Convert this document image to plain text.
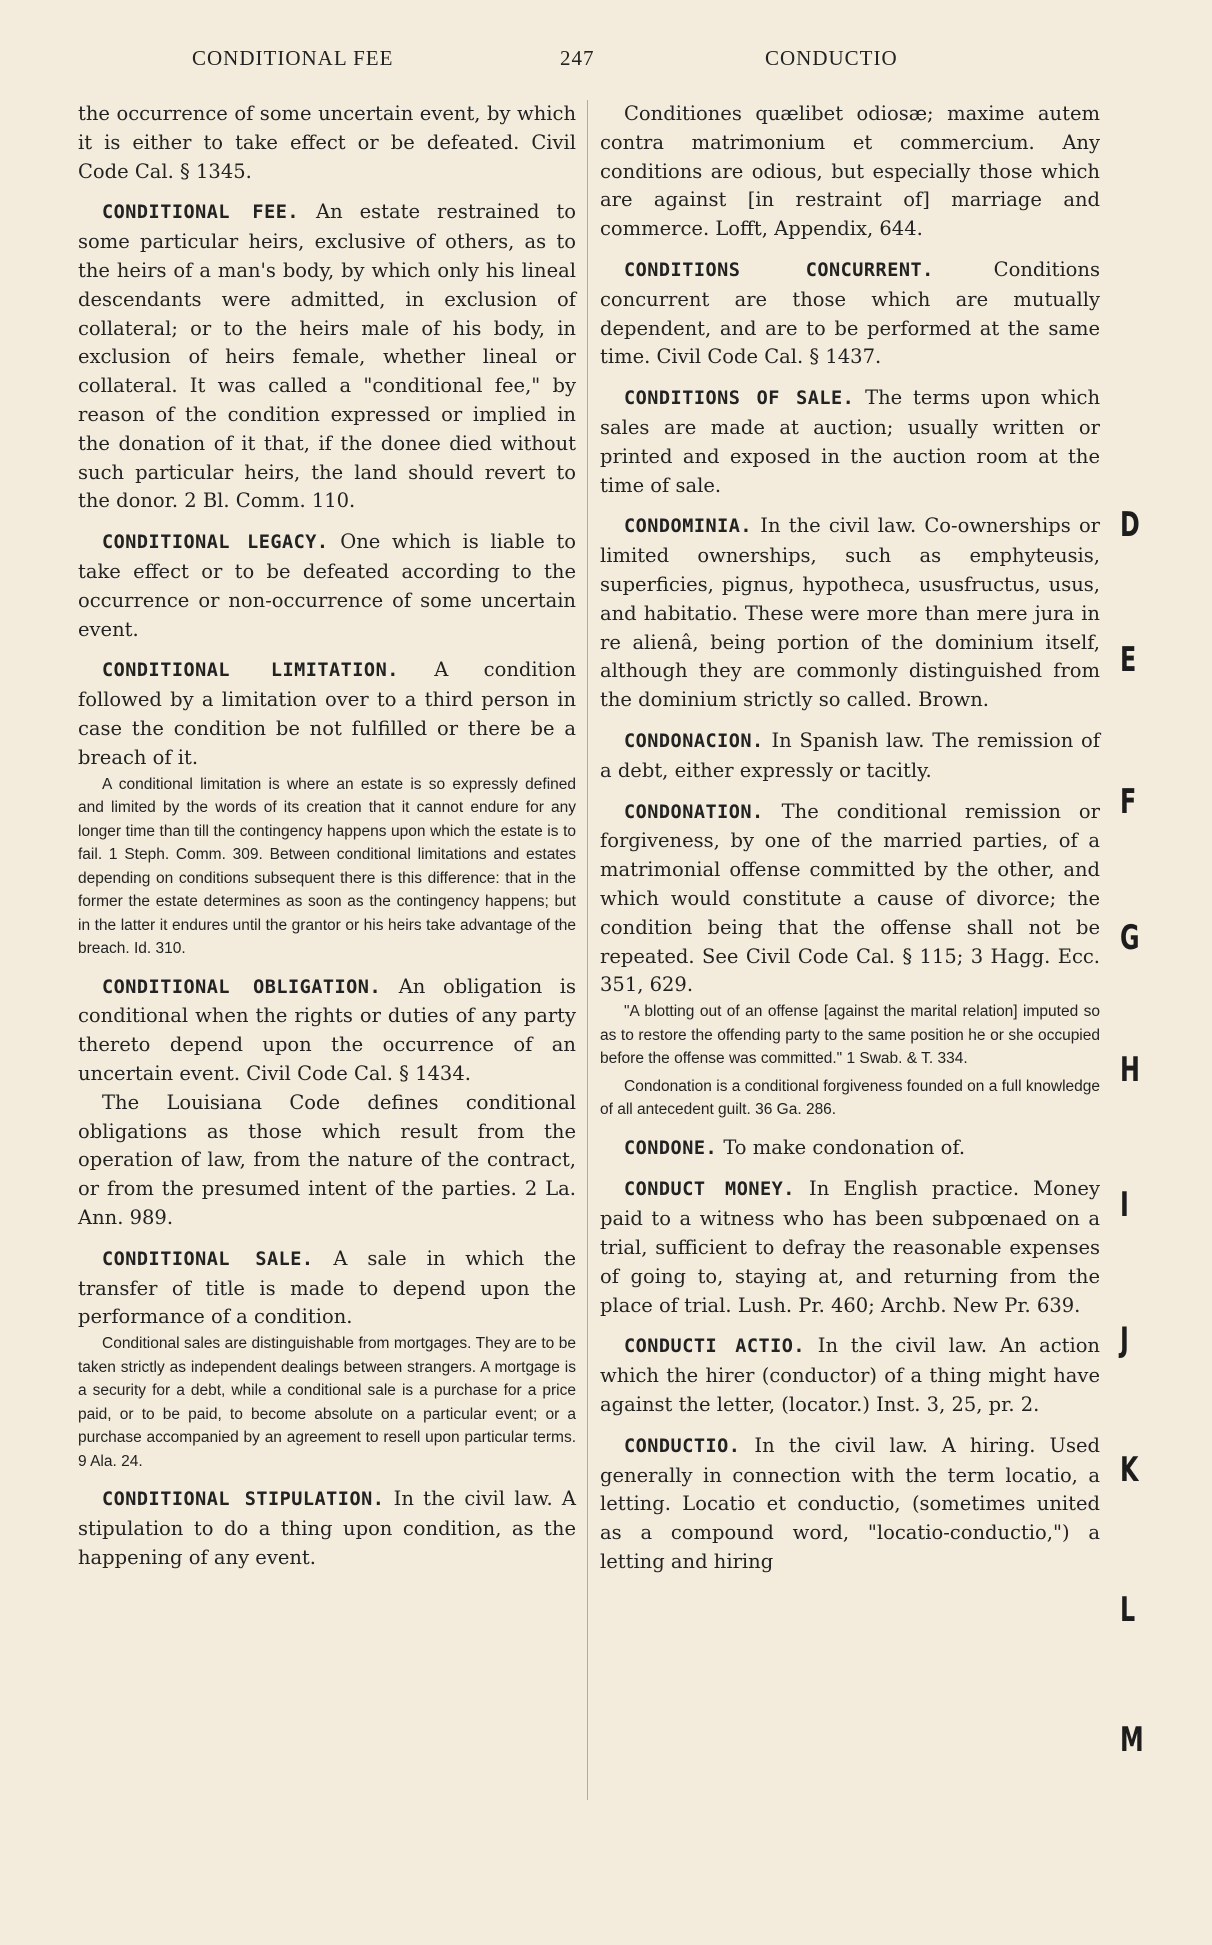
CONDITIONAL FEE	247	CONDUCTIO

the occurrence of some uncertain event, by which it is either to take effect or be defeated. Civil Code Cal. § 1345.

CONDITIONAL FEE. An estate restrained to some particular heirs, exclusive of others, as to the heirs of a man's body, by which only his lineal descendants were admitted, in exclusion of collateral; or to the heirs male of his body, in exclusion of heirs female, whether lineal or collateral. It was called a "conditional fee," by reason of the condition expressed or implied in the donation of it that, if the donee died without such particular heirs, the land should revert to the donor. 2 Bl. Comm. 110.

CONDITIONAL LEGACY. One which is liable to take effect or to be defeated according to the occurrence or non-occurrence of some uncertain event.

CONDITIONAL LIMITATION. A condition followed by a limitation over to a third person in case the condition be not fulfilled or there be a breach of it.

A conditional limitation is where an estate is so expressly defined and limited by the words of its creation that it cannot endure for any longer time than till the contingency happens upon which the estate is to fail. 1 Steph. Comm. 309. Between conditional limitations and estates depending on conditions subsequent there is this difference: that in the former the estate determines as soon as the contingency happens; but in the latter it endures until the grantor or his heirs take advantage of the breach. Id. 310.

CONDITIONAL OBLIGATION. An obligation is conditional when the rights or duties of any party thereto depend upon the occurrence of an uncertain event. Civil Code Cal. § 1434.

The Louisiana Code defines conditional obligations as those which result from the operation of law, from the nature of the contract, or from the presumed intent of the parties. 2 La. Ann. 989.

CONDITIONAL SALE. A sale in which the transfer of title is made to depend upon the performance of a condition.

Conditional sales are distinguishable from mortgages. They are to be taken strictly as independent dealings between strangers. A mortgage is a security for a debt, while a conditional sale is a purchase for a price paid, or to be paid, to become absolute on a particular event; or a purchase accompanied by an agreement to resell upon particular terms. 9 Ala. 24.

CONDITIONAL STIPULATION. In the civil law. A stipulation to do a thing upon condition, as the happening of any event.

Conditiones quælibet odiosæ; maxime autem contra matrimonium et commercium. Any conditions are odious, but especially those which are against [in restraint of] marriage and commerce. Lofft, Appendix, 644.

CONDITIONS CONCURRENT.	Conditions concurrent are those which are mutually dependent, and are to be performed at the same time. Civil Code Cal. § 1437.

CONDITIONS OF SALE. The terms upon which sales are made at auction; usually written or printed and exposed in the auction room at the time of sale.

CONDOMINIA. In the civil law. Co-ownerships or limited ownerships, such as emphyteusis, superficies, pignus, hypotheca, ususfructus, usus, and habitatio. These were more than mere jura in re alienâ, being portion of the dominium itself, although they are commonly distinguished from the dominium strictly so called. Brown.

CONDONACION. In Spanish law. The remission of a debt, either expressly or tacitly.

CONDONATION. The conditional remission or forgiveness, by one of the married parties, of a matrimonial offense committed by the other, and which would constitute a cause of divorce; the condition being that the offense shall not be repeated. See Civil Code Cal. § 115; 3 Hagg. Ecc. 351, 629.

"A blotting out of an offense [against the marital relation] imputed so as to restore the offending party to the same position he or she occupied before the offense was committed." 1 Swab. & T. 334.

Condonation is a conditional forgiveness founded on a full knowledge of all antecedent guilt. 36 Ga. 286.

CONDONE. To make condonation of.

CONDUCT MONEY. In English practice. Money paid to a witness who has been subpœnaed on a trial, sufficient to defray the reasonable expenses of going to, staying at, and returning from the place of trial. Lush. Pr. 460; Archb. New Pr. 639.

CONDUCTI ACTIO. In the civil law. An action which the hirer (conductor) of a thing might have against the letter, (locator.) Inst. 3, 25, pr. 2.

CONDUCTIO. In the civil law. A hiring. Used generally in connection with the term locatio, a letting. Locatio et conductio, (sometimes united as a compound word, "locatio-conductio,") a letting and hiring

D
E
F
G
H
I
J
K
L
M
